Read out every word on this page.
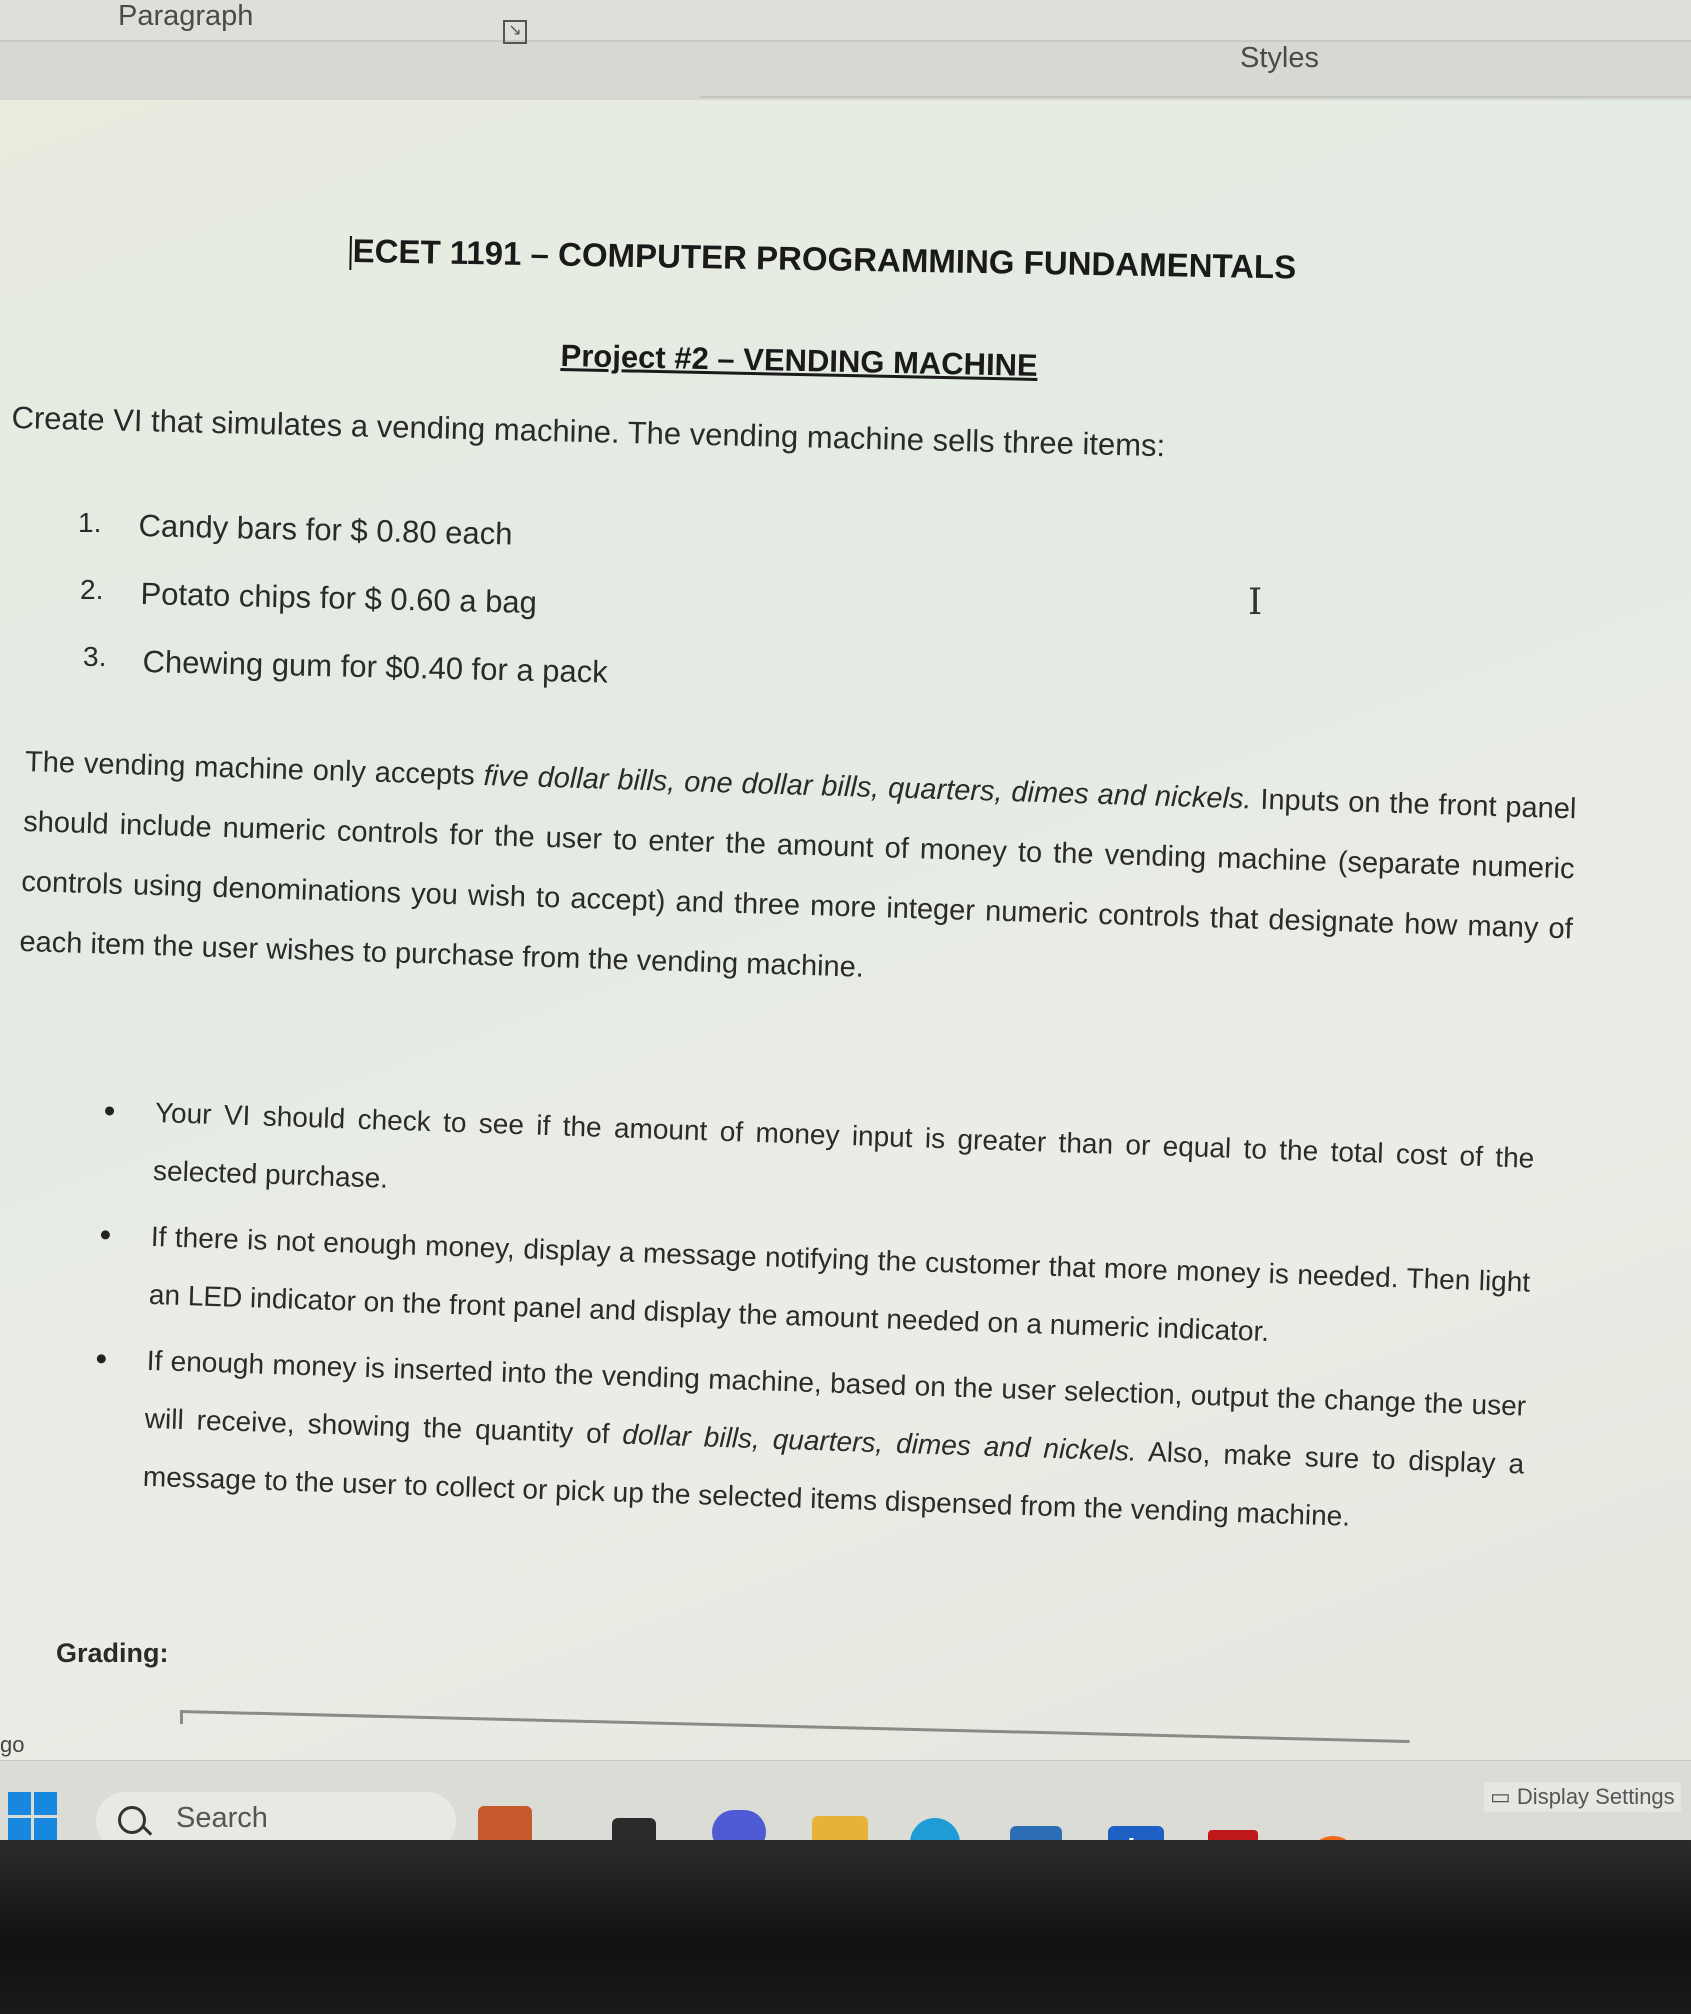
Paragraph	↘
Styles
ECET 1191 – COMPUTER PROGRAMMING FUNDAMENTALS
Project #2 – VENDING MACHINE
Create VI that simulates a vending machine. The vending machine sells three items:
1. Candy bars for $ 0.80 each
2. Potato chips for $ 0.60 a bag
3. Chewing gum for $0.40 for a pack
The vending machine only accepts five dollar bills, one dollar bills, quarters, dimes and nickels. Inputs on the front panel should include numeric controls for the user to enter the amount of money to the vending machine (separate numeric controls using denominations you wish to accept) and three more integer numeric controls that designate how many of each item the user wishes to purchase from the vending machine.
Your VI should check to see if the amount of money input is greater than or equal to the total cost of the selected purchase.
If there is not enough money, display a message notifying the customer that more money is needed. Then light an LED indicator on the front panel and display the amount needed on a numeric indicator.
If enough money is inserted into the vending machine, based on the user selection, output the change the user will receive, showing the quantity of dollar bills, quarters, dimes and nickels. Also, make sure to display a message to the user to collect or pick up the selected items dispensed from the vending machine.
Grading:
I
go
▭ Display Settings
Search
